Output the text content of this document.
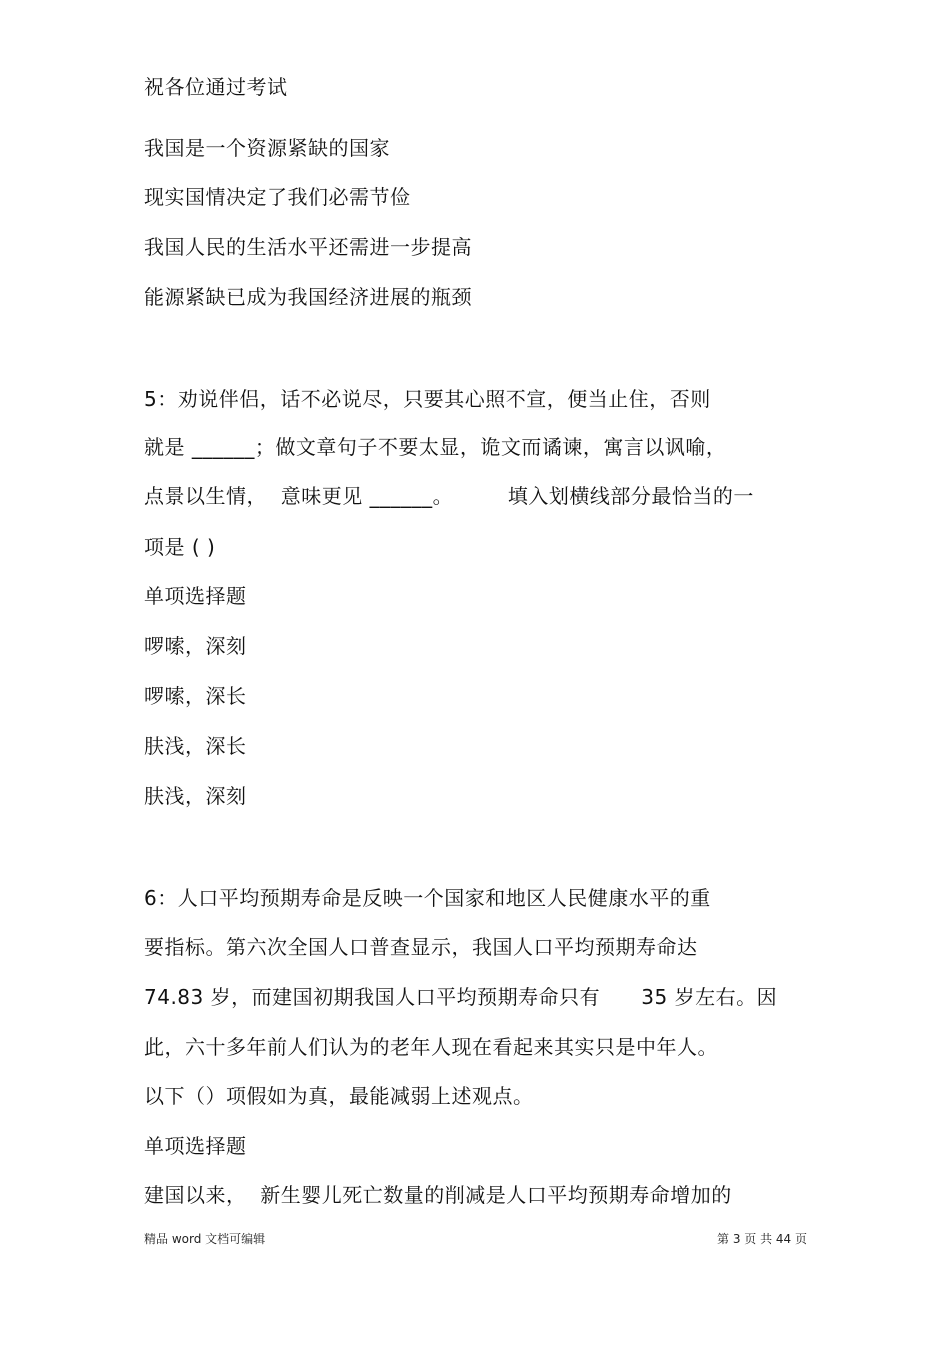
祝各位通过考试
我国是一个资源紧缺的国家
现实国情决定了我们必需节俭
我国人民的生活水平还需进一步提高
能源紧缺已成为我国经济进展的瓶颈
5：劝说伴侣，话不必说尽，只要其心照不宣，便当止住，否则
就是 ______；做文章句子不要太显，诡文而谲谏，寓言以讽喻，
点景以生情，  意味更见 ______。        填入划横线部分最恰当的一
项是 ( )
单项选择题
啰嗦，深刻
啰嗦，深长
肤浅，深长
肤浅，深刻
6：人口平均预期寿命是反映一个国家和地区人民健康水平的重
要指标。第六次全国人口普查显示，我国人口平均预期寿命达
74.83 岁，而建国初期我国人口平均预期寿命只有      35 岁左右。因
此，六十多年前人们认为的老年人现在看起来其实只是中年人。
以下（）项假如为真，最能减弱上述观点。
单项选择题
建国以来，  新生婴儿死亡数量的削减是人口平均预期寿命增加的
精品 word 文档可编辑	第 3 页 共 44 页
